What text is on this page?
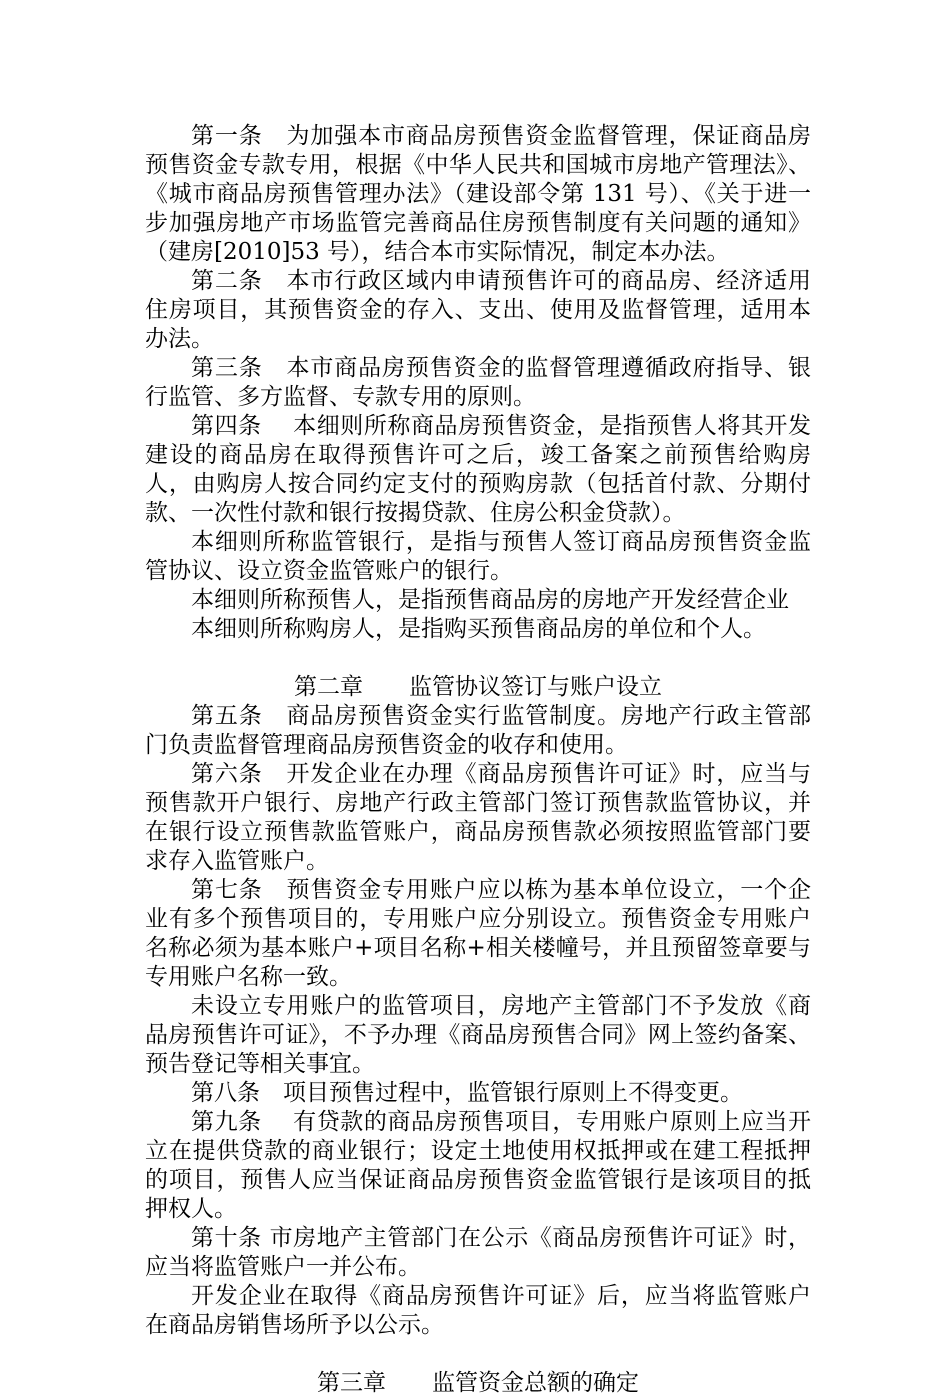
第一条　为加强本市商品房预售资金监督管理，保证商品房预售资金专款专用，根据《中华人民共和国城市房地产管理法》、《城市商品房预售管理办法》（建设部令第 131 号）、《关于进一步加强房地产市场监管完善商品住房预售制度有关问题的通知》（建房[2010]53 号），结合本市实际情况，制定本办法。

第二条　本市行政区域内申请预售许可的商品房、经济适用住房项目，其预售资金的存入、支出、使用及监督管理，适用本办法。

第三条　本市商品房预售资金的监督管理遵循政府指导、银行监管、多方监督、专款专用的原则。

第四条　 本细则所称商品房预售资金，是指预售人将其开发建设的商品房在取得预售许可之后，竣工备案之前预售给购房人，由购房人按合同约定支付的预购房款（包括首付款、分期付款、一次性付款和银行按揭贷款、住房公积金贷款）。

本细则所称监管银行，是指与预售人签订商品房预售资金监管协议、设立资金监管账户的银行。

本细则所称预售人，是指预售商品房的房地产开发经营企业

本细则所称购房人，是指购买预售商品房的单位和个人。

第二章　　监管协议签订与账户设立

第五条　商品房预售资金实行监管制度。房地产行政主管部门负责监督管理商品房预售资金的收存和使用。

第六条　开发企业在办理《商品房预售许可证》时，应当与预售款开户银行、房地产行政主管部门签订预售款监管协议，并在银行设立预售款监管账户，商品房预售款必须按照监管部门要求存入监管账户。

第七条　预售资金专用账户应以栋为基本单位设立，一个企业有多个预售项目的，专用账户应分别设立。预售资金专用账户名称必须为基本账户+项目名称+相关楼幢号，并且预留签章要与专用账户名称一致。

未设立专用账户的监管项目，房地产主管部门不予发放《商品房预售许可证》，不予办理《商品房预售合同》网上签约备案、预告登记等相关事宜。

第八条　项目预售过程中，监管银行原则上不得变更。

第九条　 有贷款的商品房预售项目，专用账户原则上应当开立在提供贷款的商业银行；设定土地使用权抵押或在建工程抵押的项目，预售人应当保证商品房预售资金监管银行是该项目的抵押权人。

第十条 市房地产主管部门在公示《商品房预售许可证》时，应当将监管账户一并公布。

开发企业在取得《商品房预售许可证》后，应当将监管账户在商品房销售场所予以公示。

第三章　　监管资金总额的确定
